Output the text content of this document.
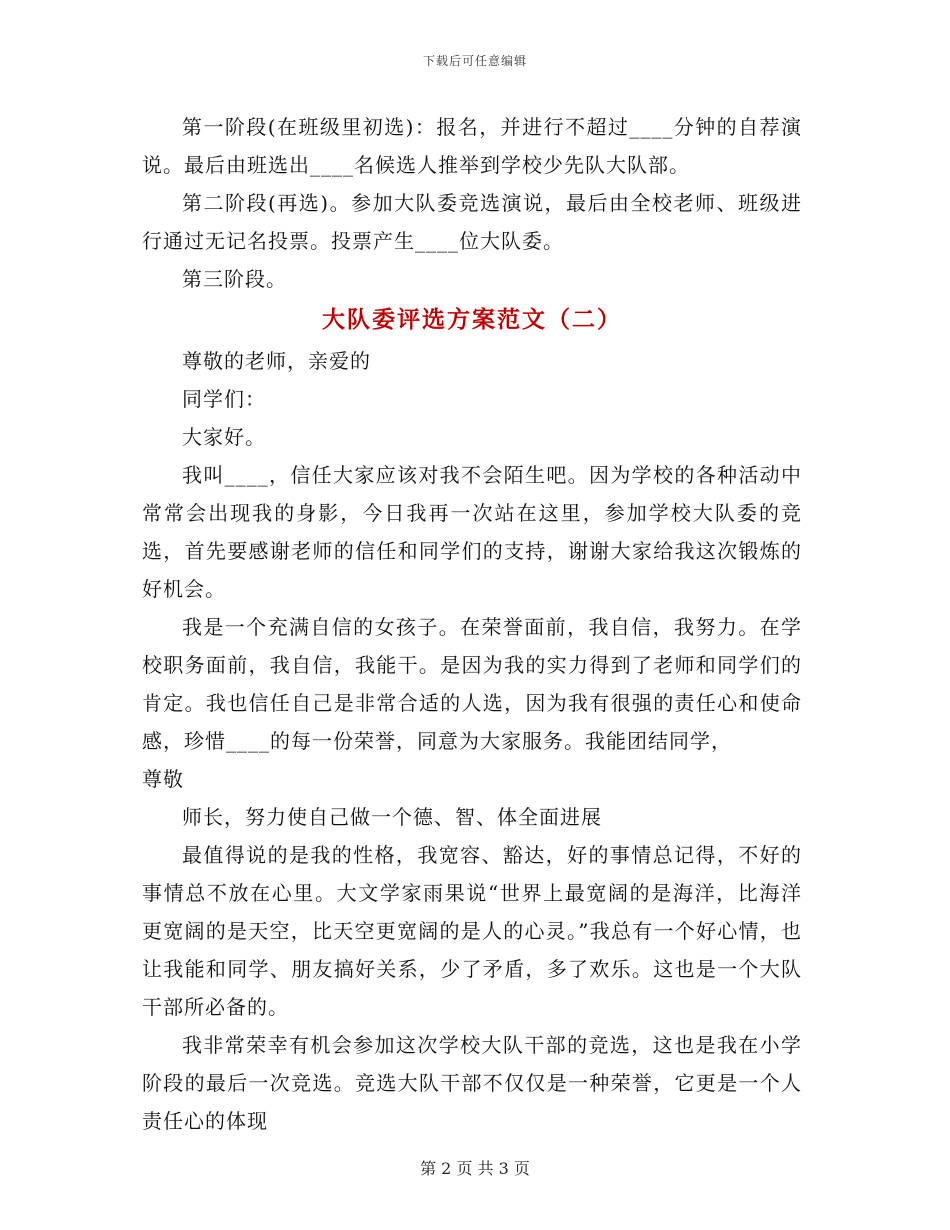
下载后可任意编辑

第一阶段(在班级里初选)：报名，并进行不超过____分钟的自荐演说。最后由班选出____名候选人推举到学校少先队大队部。

第二阶段(再选)。参加大队委竞选演说，最后由全校老师、班级进行通过无记名投票。投票产生____位大队委。

第三阶段。

大队委评选方案范文（二）

尊敬的老师，亲爱的

同学们：

大家好。

我叫____，信任大家应该对我不会陌生吧。因为学校的各种活动中常常会出现我的身影，今日我再一次站在这里，参加学校大队委的竞选，首先要感谢老师的信任和同学们的支持，谢谢大家给我这次锻炼的好机会。

我是一个充满自信的女孩子。在荣誉面前，我自信，我努力。在学校职务面前，我自信，我能干。是因为我的实力得到了老师和同学们的肯定。我也信任自己是非常合适的人选，因为我有很强的责任心和使命感，珍惜____的每一份荣誉，同意为大家服务。我能团结同学，

尊敬

师长，努力使自己做一个德、智、体全面进展

最值得说的是我的性格，我宽容、豁达，好的事情总记得，不好的事情总不放在心里。大文学家雨果说“世界上最宽阔的是海洋，比海洋更宽阔的是天空，比天空更宽阔的是人的心灵。”我总有一个好心情，也让我能和同学、朋友搞好关系，少了矛盾，多了欢乐。这也是一个大队干部所必备的。

我非常荣幸有机会参加这次学校大队干部的竞选，这也是我在小学阶段的最后一次竞选。竞选大队干部不仅仅是一种荣誉，它更是一个人责任心的体现

第 2 页 共 3 页
